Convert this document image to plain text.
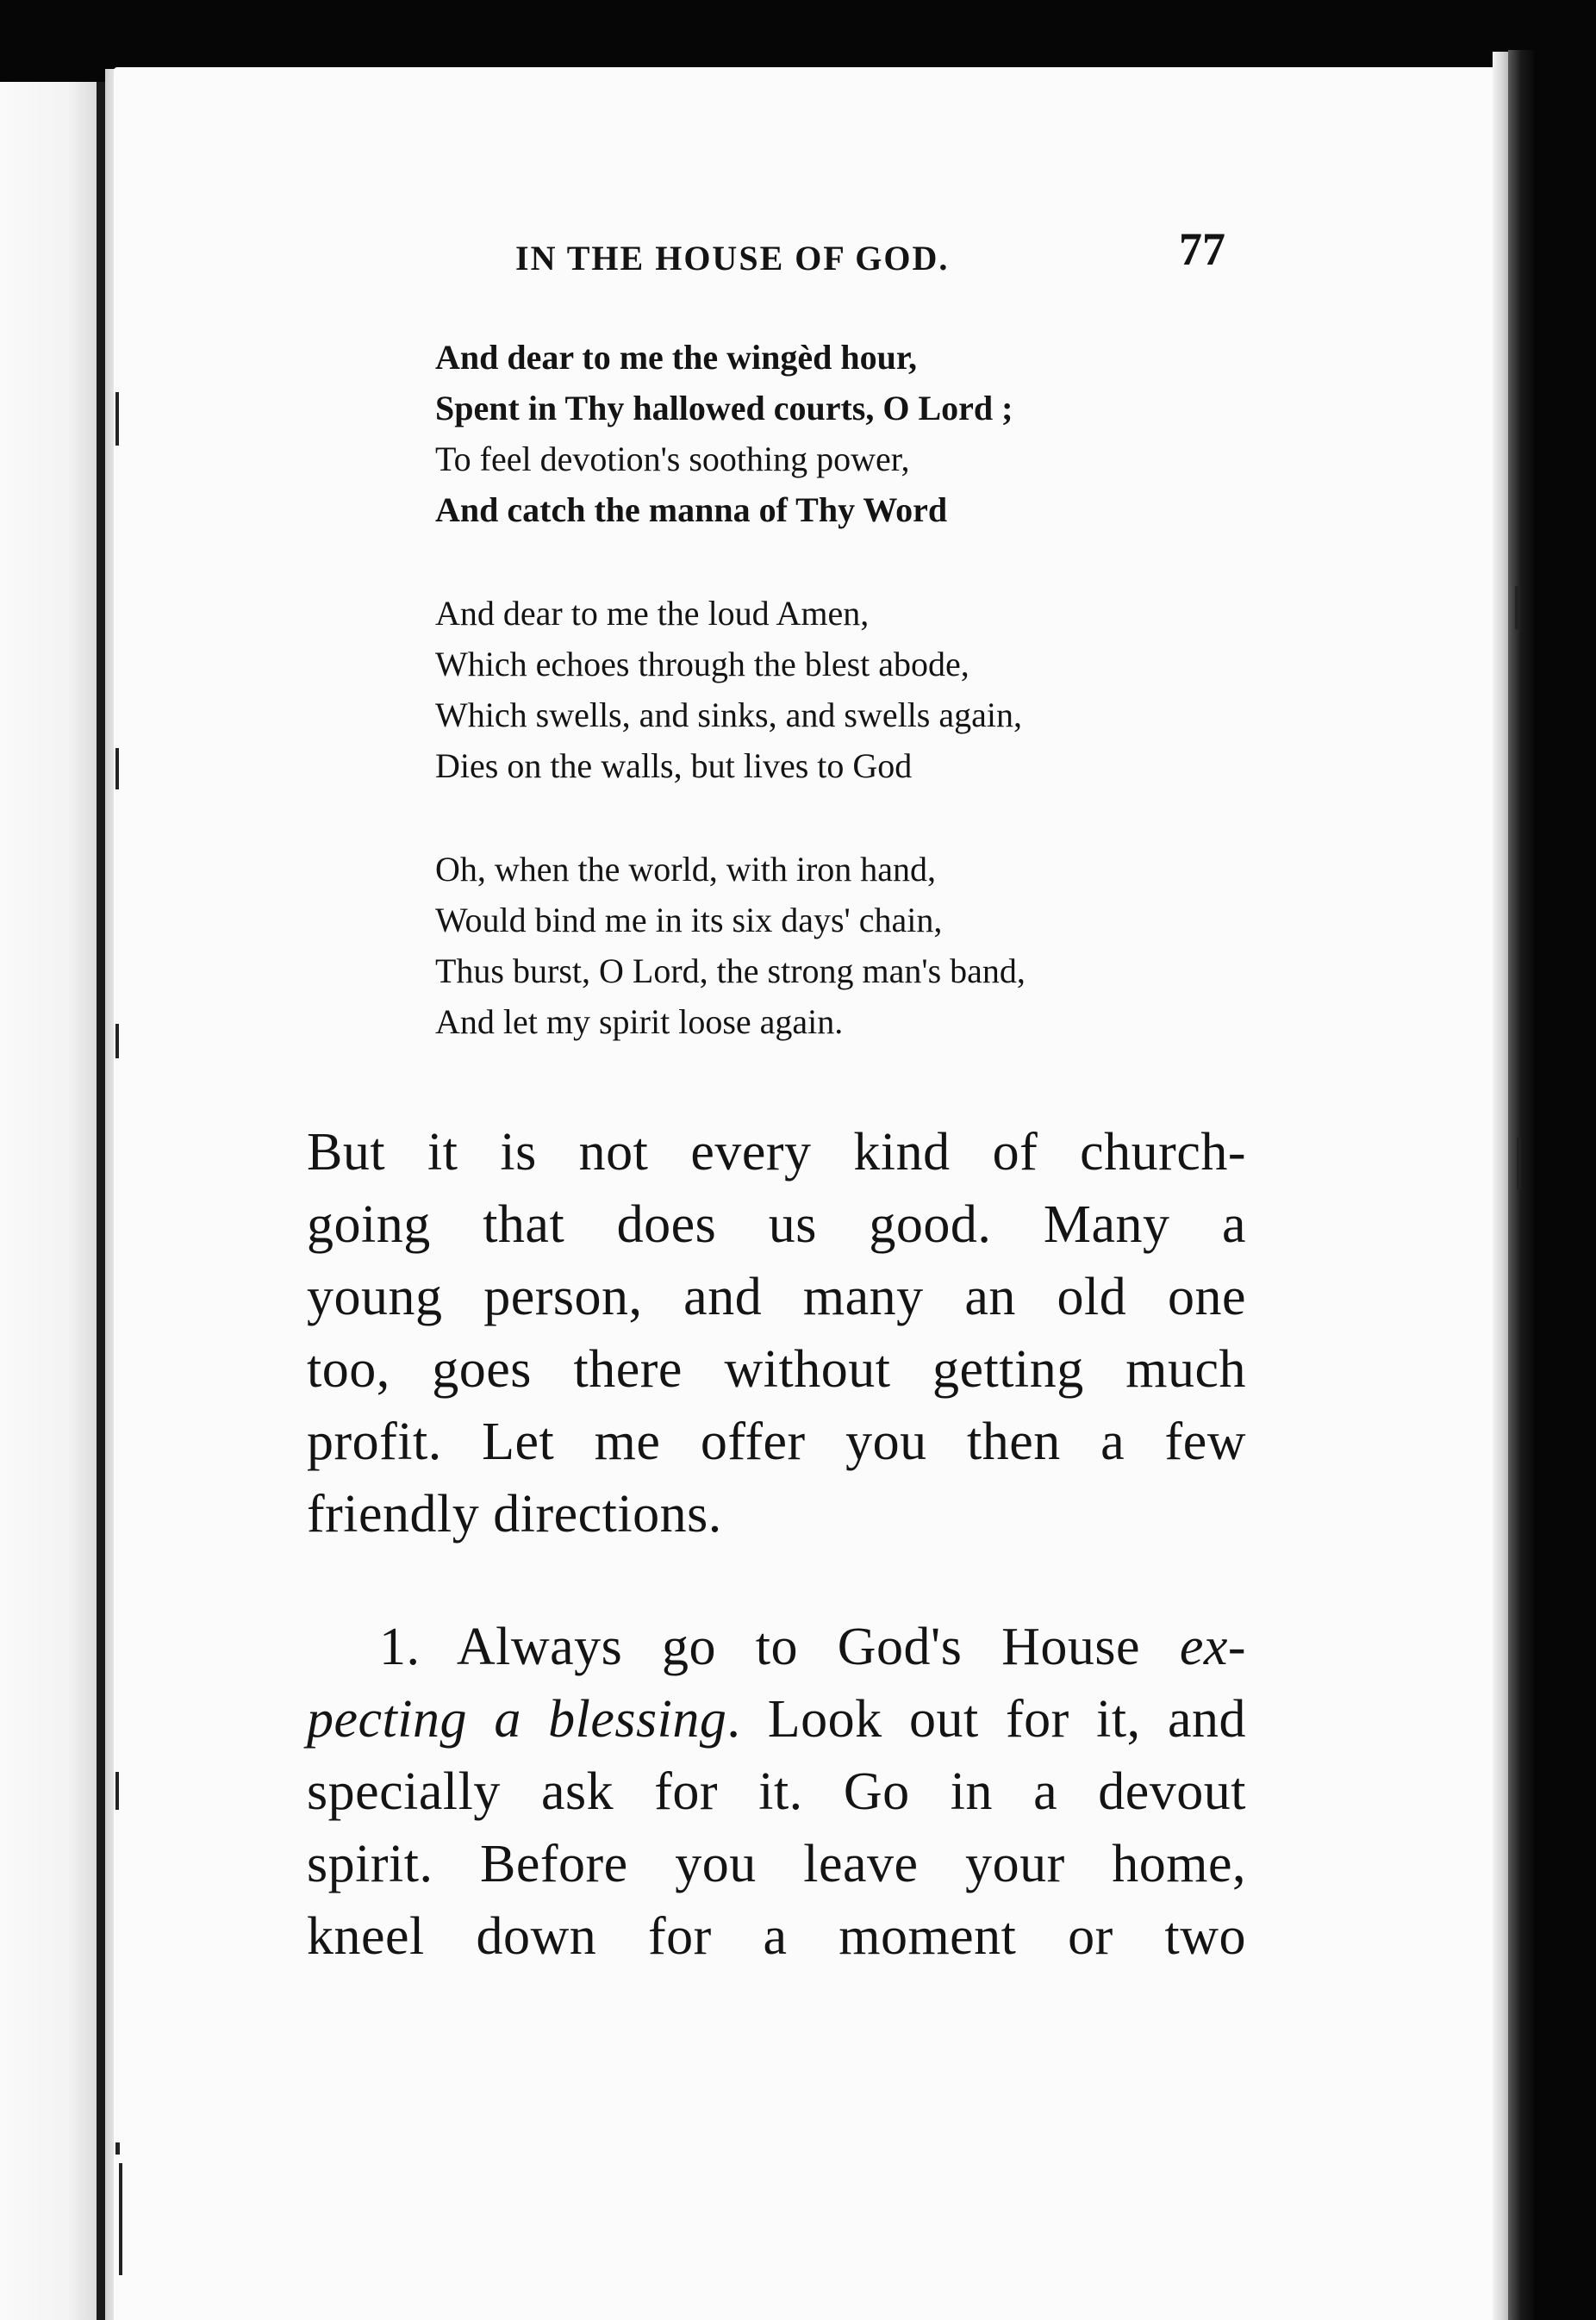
IN THE HOUSE OF GOD.	77
And dear to me the wingèd hour,
Spent in Thy hallowed courts, O Lord ;
To feel devotion's soothing power,
And catch the manna of Thy Word
And dear to me the loud Amen,
Which echoes through the blest abode,
Which swells, and sinks, and swells again,
Dies on the walls, but lives to God
Oh, when the world, with iron hand,
Would bind me in its six days' chain,
Thus burst, O Lord, the strong man's band,
And let my spirit loose again.
But it is not every kind of church-
going that does us good. Many a
young person, and many an old one
too, goes there without getting much
profit. Let me offer you then a few
friendly directions.
1. Always go to God's House ex-
pecting a blessing. Look out for it, and
specially ask for it. Go in a devout
spirit. Before you leave your home,
kneel down for a moment or two
